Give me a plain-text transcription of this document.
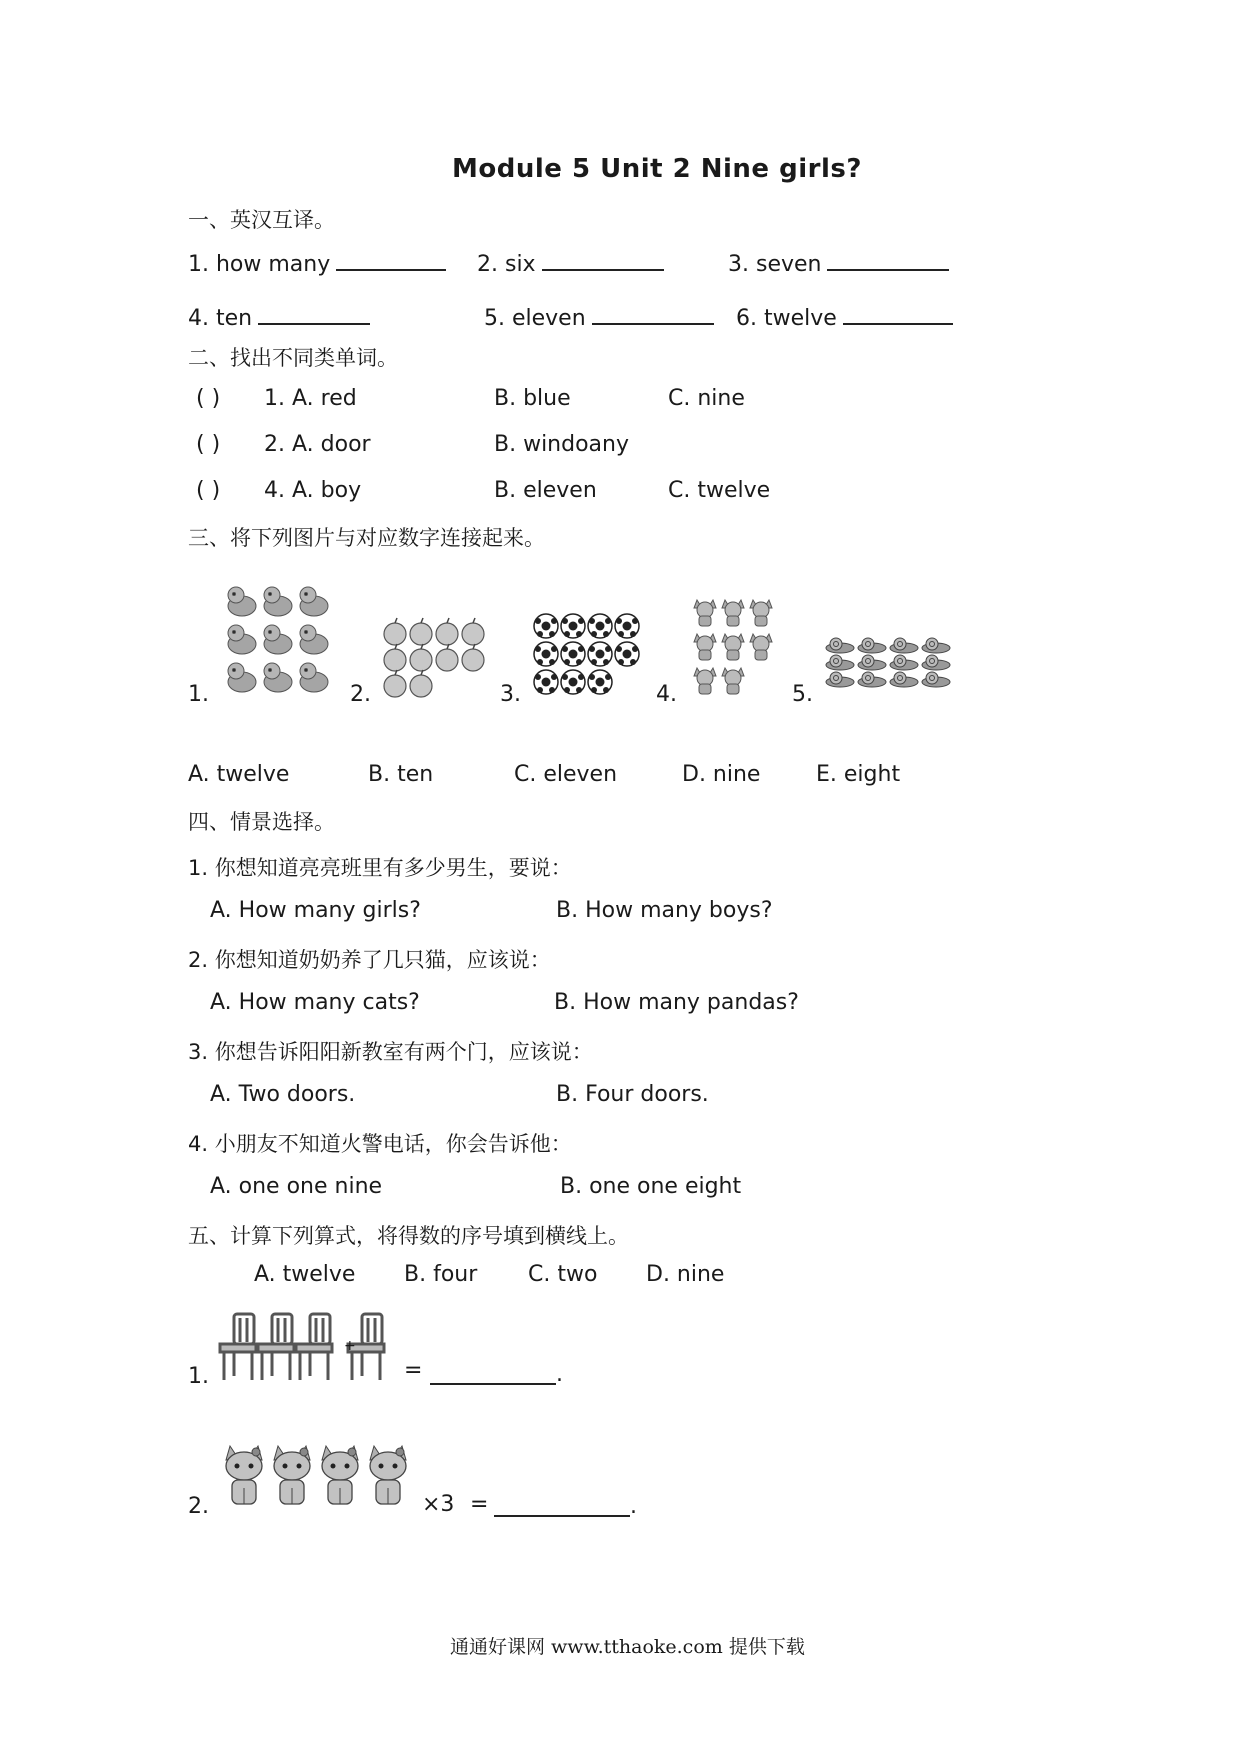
Module 5 Unit 2 Nine girls?
一、英汉互译。
1. how many	2. six	3. seven
4. ten	5. eleven	6. twelve
二、找出不同类单词。
( ) 1. A. red	B. blue	C. nine
( ) 2. A. door	B. windoany
( ) 4. A. boy	B. eleven	C. twelve
三、将下列图片与对应数字连接起来。
1.	2.	3.	4.	5.
A. twelve	B. ten	C. eleven	D. nine	E. eight
四、情景选择。
1. 你想知道亮亮班里有多少男生，要说：
A. How many girls?	B. How many boys?
2. 你想知道奶奶养了几只猫，应该说：
A. How many cats?	B. How many pandas?
3. 你想告诉阳阳新教室有两个门，应该说：
A. Two doors.	B. Four doors.
4. 小朋友不知道火警电话，你会告诉他：
A. one one nine	B. one one eight
五、计算下列算式，将得数的序号填到横线上。
A. twelve B. four C. two D. nine
1.
+
=	.
2.	×3 =	.
通通好课网 www.tthaoke.com 提供下载
